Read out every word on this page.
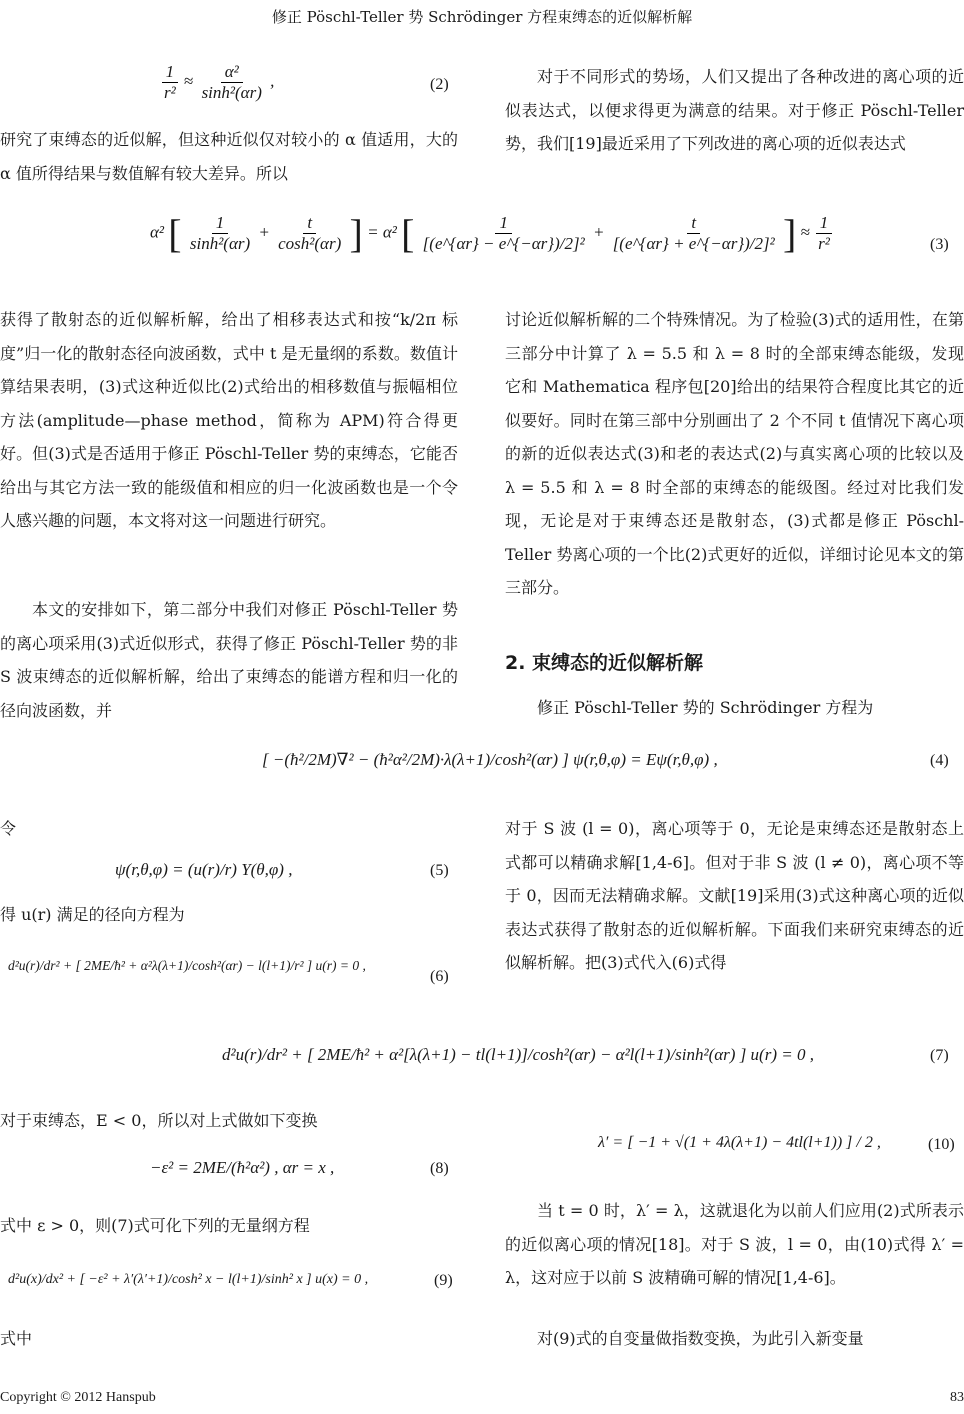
修正 Pöschl-Teller 势 Schrödinger 方程束缚态的近似解析解
$\frac{1}{\text{r²}} \approx \frac{\text{α²}}{\text{sinh²(αr)}}$ ,	(2)	对于不同形式的势场，人们又提出了各种改进的离心项的近似表达式，以便求得更为满意的结果。对于修正 Pöschl-Teller 势，我们[19]最近采用了下列改进的离心项的近似表达式

研究了束缚态的近似解，但这种近似仅对较小的 α 值适用，大的 α 值所得结果与数值解有较大差异。所以

α² [ $\frac{1}{\text{sinh²(αr)}} + \frac{t}{\text{cosh²(αr)}}$ ] = α² [ $\frac{1}{\text{[(e\textasciicircum{}\{αr\} − e\textasciicircum{}\{−αr\})/2]²}} + \frac{t}{\text{[(e\textasciicircum{}\{αr\} + e\textasciicircum{}\{−αr\})/2]²}}$ ] ≈ $\frac{1}{\text{r²}}$	(3)

获得了散射态的近似解析解，给出了相移表达式和按“k/2π 标度”归一化的散射态径向波函数，式中 t 是无量纲的系数。数值计算结果表明，(3)式这种近似比(2)式给出的相移数值与振幅相位方法(amplitude—phase method，简称为 APM)符合得更好。但(3)式是否适用于修正 Pöschl-Teller 势的束缚态，它能否给出与其它方法一致的能级值和相应的归一化波函数也是一个令人感兴趣的问题，本文将对这一问题进行研究。

本文的安排如下，第二部分中我们对修正 Pöschl-Teller 势的离心项采用(3)式近似形式，获得了修正 Pöschl-Teller 势的非 S 波束缚态的近似解析解，给出了束缚态的能谱方程和归一化的径向波函数，并

讨论近似解析解的二个特殊情况。为了检验(3)式的适用性，在第三部分中计算了 λ = 5.5 和 λ = 8 时的全部束缚态能级，发现它和 Mathematica 程序包[20]给出的结果符合程度比其它的近似要好。同时在第三部中分别画出了 2 个不同 t 值情况下离心项的新的近似表达式(3)和老的表达式(2)与真实离心项的比较以及 λ = 5.5 和 λ = 8 时全部的束缚态的能级图。经过对比我们发现，无论是对于束缚态还是散射态，(3)式都是修正 Pöschl-Teller 势离心项的一个比(2)式更好的近似，详细讨论见本文的第三部分。

2. 束缚态的近似解析解

修正 Pöschl-Teller 势的 Schrödinger 方程为

[ −(ħ²/2M)∇² − (ħ²α²/2M)·λ(λ+1)/cosh²(αr) ] ψ(r,θ,φ) = Eψ(r,θ,φ) ,	(4)

令

ψ(r,θ,φ) = (u(r)/r) Y(θ,φ) ,	(5)

得 u(r) 满足的径向方程为

d²u(r)/dr² + [ 2ME/ħ² + α²λ(λ+1)/cosh²(αr) − l(l+1)/r² ] u(r) = 0 ,
(6)

对于 S 波 (l = 0)，离心项等于 0，无论是束缚态还是散射态上式都可以精确求解[1,4-6]。但对于非 S 波 (l ≠ 0)，离心项不等于 0，因而无法精确求解。文献[19]采用(3)式这种离心项的近似表达式获得了散射态的近似解析解。下面我们来研究束缚态的近似解析解。把(3)式代入(6)式得

d²u(r)/dr² + [ 2ME/ħ² + α²[λ(λ+1) − tl(l+1)]/cosh²(αr) − α²l(l+1)/sinh²(αr) ] u(r) = 0 ,	(7)

对于束缚态，E < 0，所以对上式做如下变换

−ε² = 2ME/(ħ²α²) , αr = x ,	(8)

式中 ε > 0，则(7)式可化下列的无量纲方程

d²u(x)/dx² + [ −ε² + λ′(λ′+1)/cosh² x − l(l+1)/sinh² x ] u(x) = 0 ,	(9)

式中

λ′ = [ −1 + √(1 + 4λ(λ+1) − 4tl(l+1)) ] / 2 ,	(10)

当 t = 0 时，λ′ = λ，这就退化为以前人们应用(2)式所表示的近似离心项的情况[18]。对于 S 波，l = 0，由(10)式得 λ′ = λ，这对应于以前 S 波精确可解的情况[1,4-6]。

对(9)式的自变量做指数变换，为此引入新变量

Copyright © 2012 Hanspub	83
